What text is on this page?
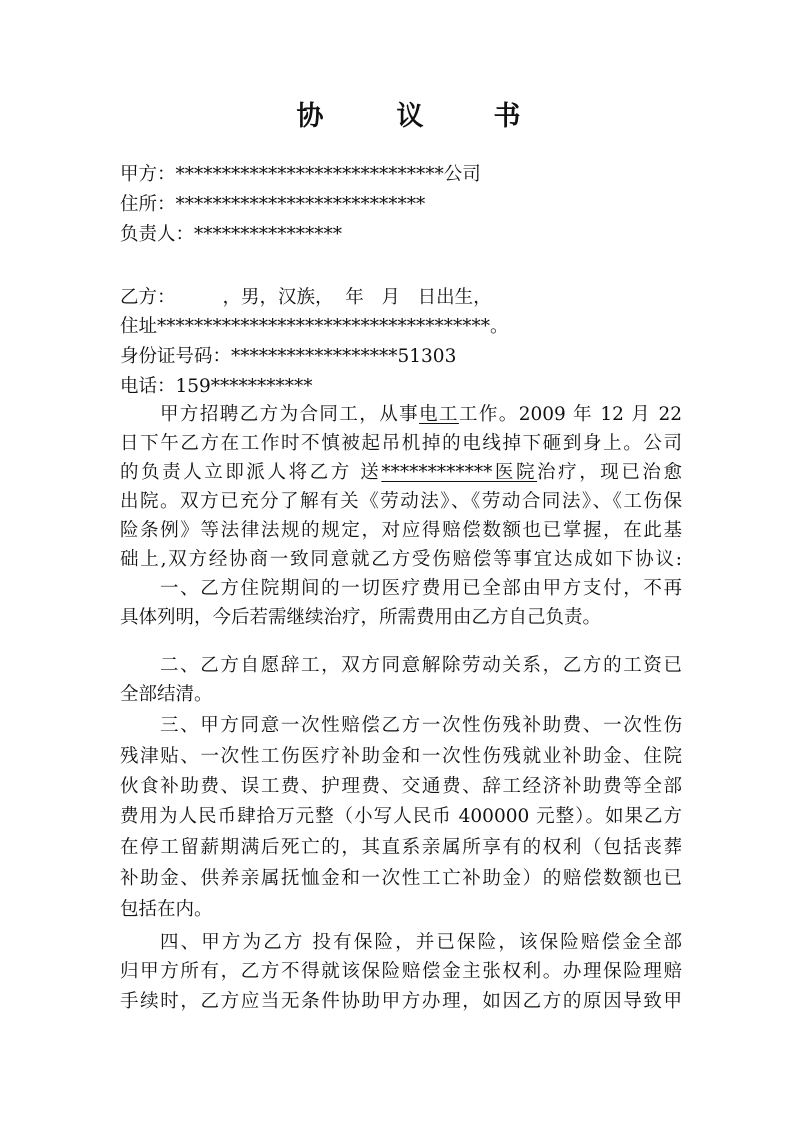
协	议	书
甲方：*****************************公司
住所：***************************
负责人：****************
乙方：        ，男，汉族，  年   月   日出生，
住址************************************。
身份证号码：******************51303
电话：159***********
甲方招聘乙方为合同工，从事电工工作。2009 年 12 月 22
日下午乙方在工作时不慎被起吊机掉的电线掉下砸到身上。公司
的负责人立即派人将乙方 送************医院治疗，现已治愈
出院。双方已充分了解有关《劳动法》、《劳动合同法》、《工伤保
险条例》等法律法规的规定，对应得赔偿数额也已掌握，在此基
础上,双方经协商一致同意就乙方受伤赔偿等事宜达成如下协议:
一、乙方住院期间的一切医疗费用已全部由甲方支付，不再
具体列明，今后若需继续治疗，所需费用由乙方自己负责。
二、乙方自愿辞工，双方同意解除劳动关系，乙方的工资已
全部结清。
三、甲方同意一次性赔偿乙方一次性伤残补助费、一次性伤
残津贴、一次性工伤医疗补助金和一次性伤残就业补助金、住院
伙食补助费、误工费、护理费、交通费、辞工经济补助费等全部
费用为人民币肆拾万元整（小写人民币 400000 元整）。如果乙方
在停工留薪期满后死亡的，其直系亲属所享有的权利（包括丧葬
补助金、供养亲属抚恤金和一次性工亡补助金）的赔偿数额也已
包括在内。
四、甲方为乙方 投有保险，并已保险，该保险赔偿金全部
归甲方所有，乙方不得就该保险赔偿金主张权利。办理保险理赔
手续时，乙方应当无条件协助甲方办理，如因乙方的原因导致甲
